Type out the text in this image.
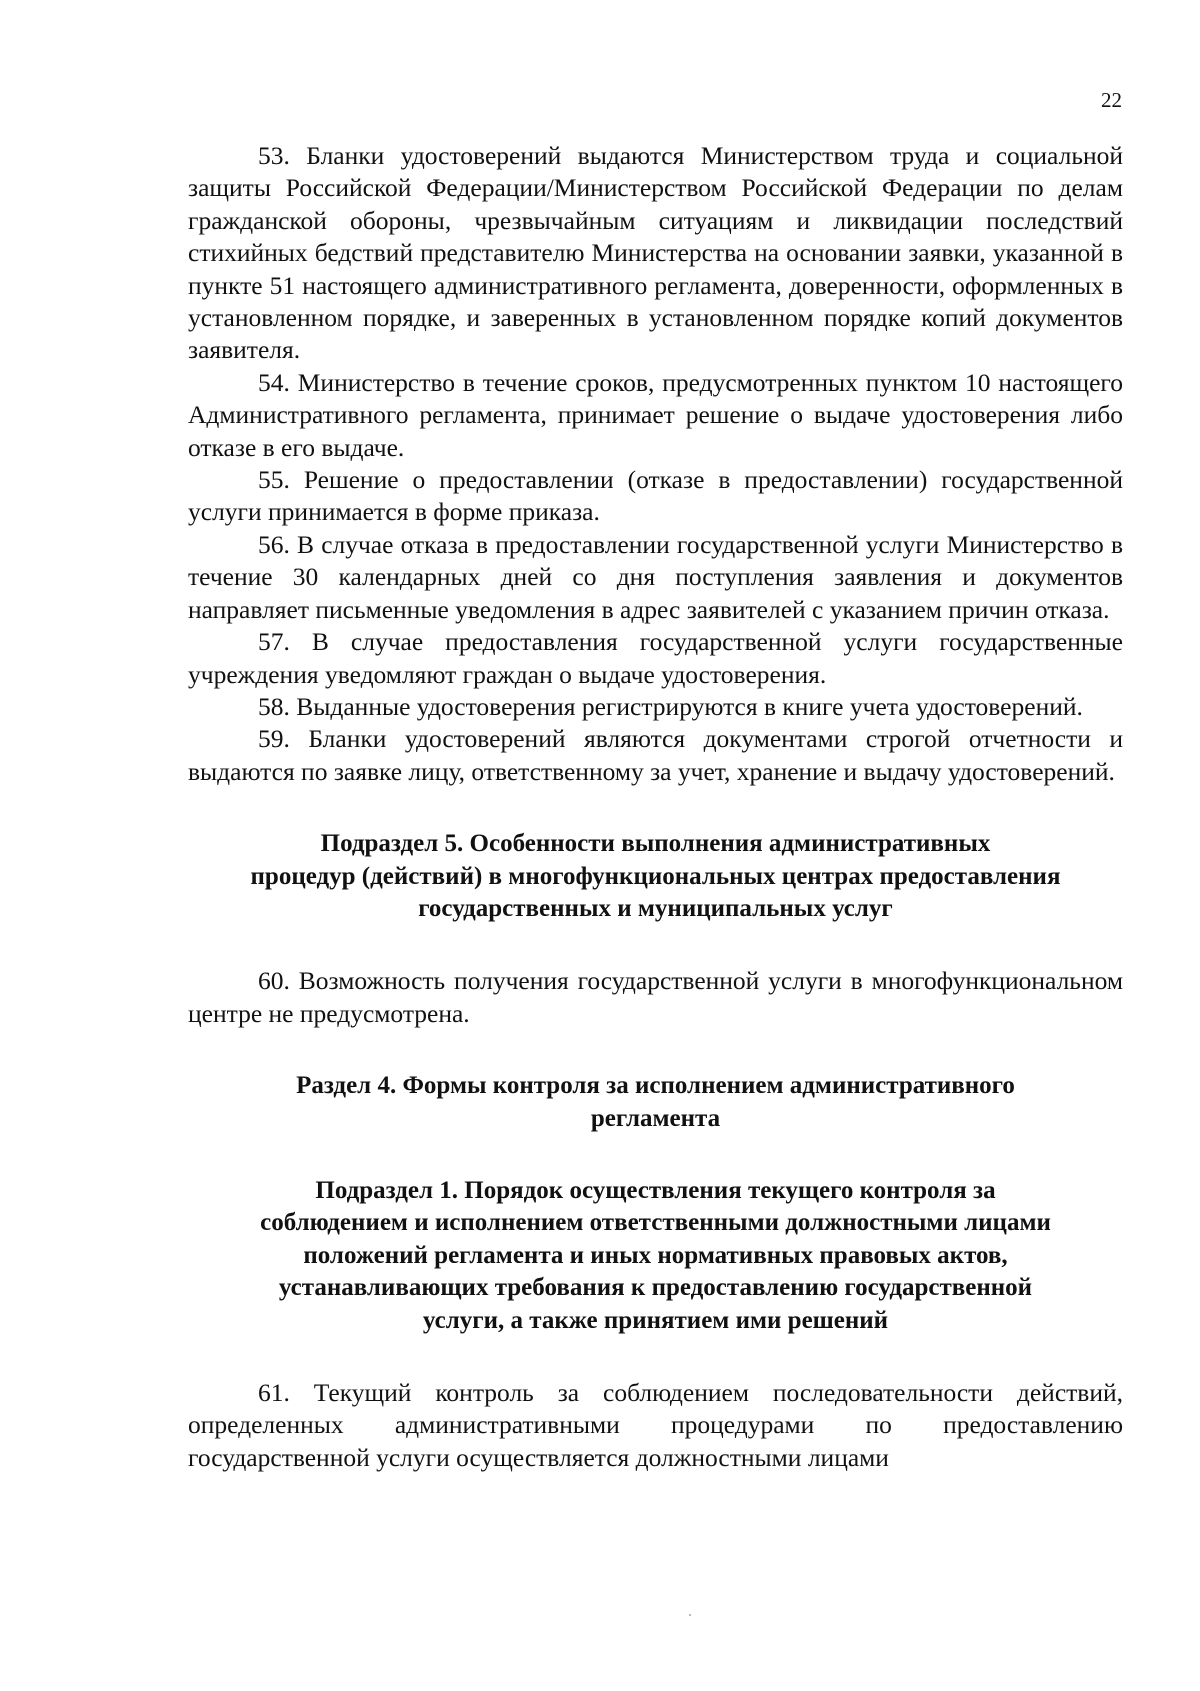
22

53. Бланки удостоверений выдаются Министерством труда и социальной защиты Российской Федерации/Министерством Российской Федерации по делам гражданской обороны, чрезвычайным ситуациям и ликвидации последствий стихийных бедствий представителю Министерства на основании заявки, указанной в пункте 51 настоящего административного регламента, доверенности, оформленных в установленном порядке, и заверенных в установленном порядке копий документов заявителя.

54. Министерство в течение сроков, предусмотренных пунктом 10 настоящего Административного регламента, принимает решение о выдаче удостоверения либо отказе в его выдаче.

55. Решение о предоставлении (отказе в предоставлении) государственной услуги принимается в форме приказа.

56. В случае отказа в предоставлении государственной услуги Министерство в течение 30 календарных дней со дня поступления заявления и документов направляет письменные уведомления в адрес заявителей с указанием причин отказа.

57. В случае предоставления государственной услуги государственные учреждения уведомляют граждан о выдаче удостоверения.

58. Выданные удостоверения регистрируются в книге учета удостоверений.

59. Бланки удостоверений являются документами строгой отчетности и выдаются по заявке лицу, ответственному за учет, хранение и выдачу удостоверений.

Подраздел 5. Особенности выполнения административных
процедур (действий) в многофункциональных центрах предоставления
государственных и муниципальных услуг

60. Возможность получения государственной услуги в многофункциональном центре не предусмотрена.

Раздел 4. Формы контроля за исполнением административного
регламента
Подраздел 1. Порядок осуществления текущего контроля за
соблюдением и исполнением ответственными должностными лицами
положений регламента и иных нормативных правовых актов,
устанавливающих требования к предоставлению государственной
услуги, а также принятием ими решений

61. Текущий контроль за соблюдением последовательности действий, определенных административными процедурами по предоставлению государственной услуги осуществляется должностными лицами
